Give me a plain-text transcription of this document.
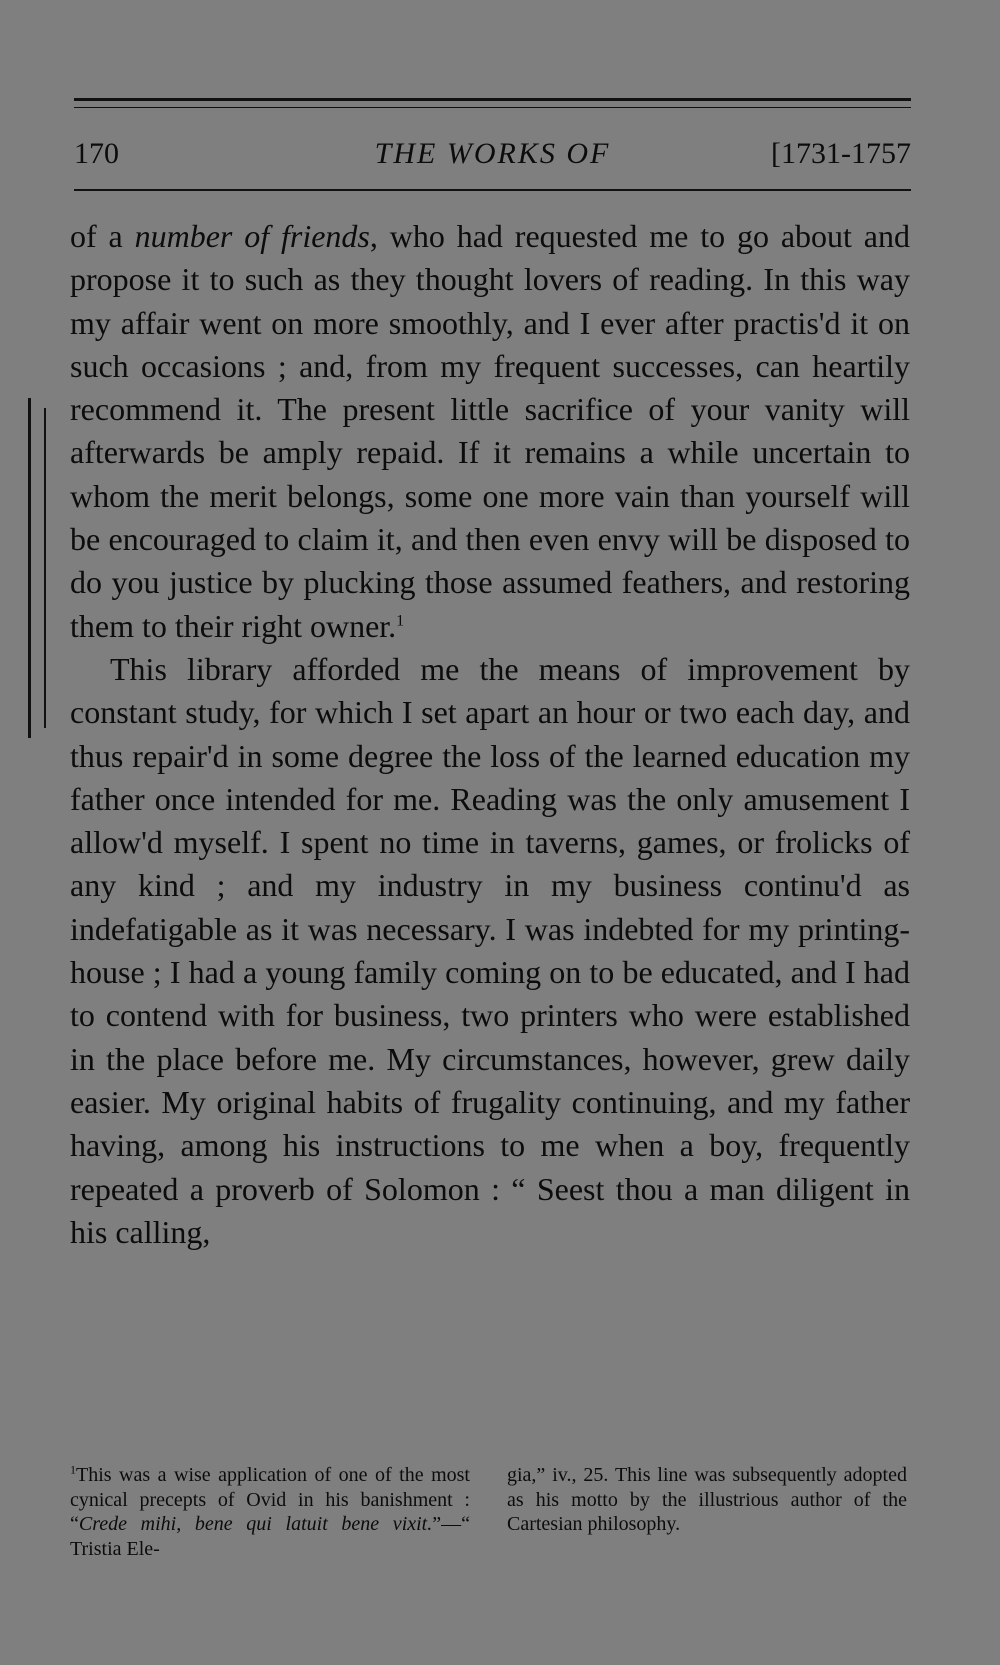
170	THE WORKS OF	[1731-1757

of a number of friends, who had requested me to go about and propose it to such as they thought lovers of reading. In this way my affair went on more smoothly, and I ever after practis'd it on such occasions ; and, from my frequent successes, can heartily recommend it. The present little sacrifice of your vanity will afterwards be amply repaid. If it remains a while uncertain to whom the merit belongs, some one more vain than yourself will be encouraged to claim it, and then even envy will be disposed to do you justice by plucking those assumed feathers, and restoring them to their right owner.$^1$

This library afforded me the means of improvement by constant study, for which I set apart an hour or two each day, and thus repair'd in some degree the loss of the learned education my father once intended for me. Reading was the only amusement I allow'd myself. I spent no time in taverns, games, or frolicks of any kind ; and my industry in my business continu'd as indefatigable as it was necessary. I was indebted for my printing-house ; I had a young family coming on to be educated, and I had to contend with for business, two printers who were established in the place before me. My circumstances, however, grew daily easier. My original habits of frugality continuing, and my father having, among his instructions to me when a boy, frequently repeated a proverb of Solomon : “ Seest thou a man diligent in his calling,

$^1$This was a wise application of one of the most cynical precepts of Ovid in his banishment : “Crede mihi, bene qui latuit bene vixit.”—“ Tristia Ele-
gia,” iv., 25. This line was subsequently adopted as his motto by the illustrious author of the Cartesian philosophy.
